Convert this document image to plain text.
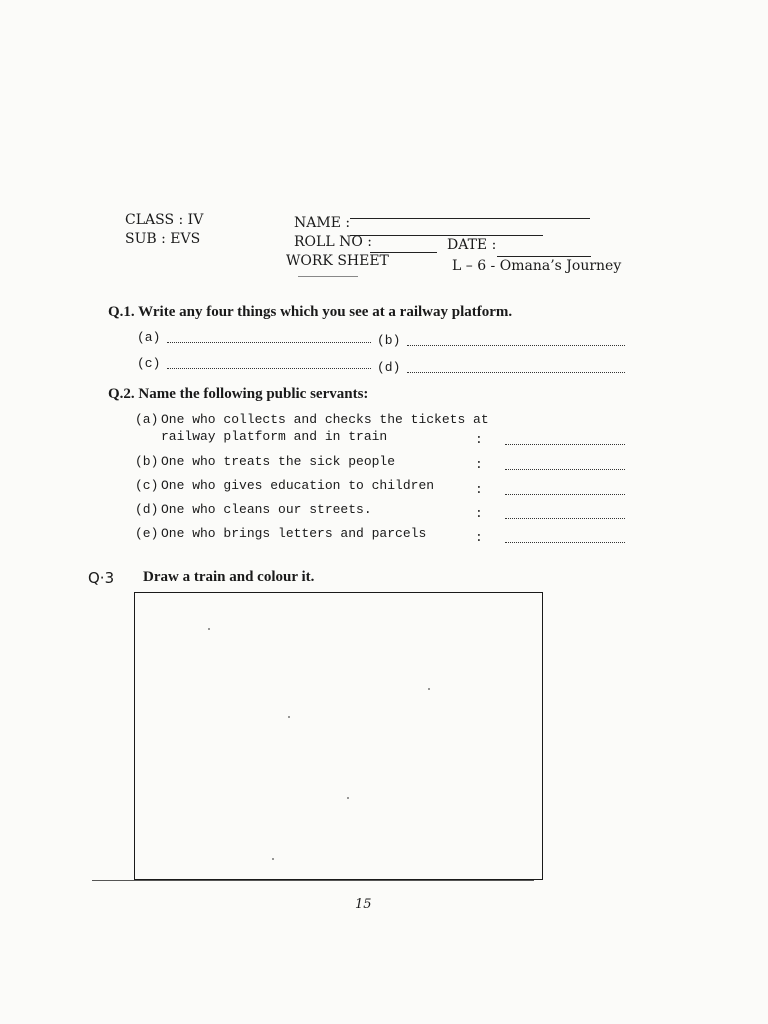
CLASS : IV
SUB : EVS
NAME :
ROLL NO :	DATE :
WORK SHEET	L – 6 - Omana’s Journey
Q.1. Write any four things which you see at a railway platform.
(a)	(b)
(c)	(d)
Q.2. Name the following public servants:
(a) One who collects and checks the tickets at
railway platform and in train	:
(b) One who treats the sick people	:
(c) One who gives education to children	:
(d) One who cleans our streets.	:
(e) One who brings letters and parcels	:
Q·3 Draw a train and colour it.
15
